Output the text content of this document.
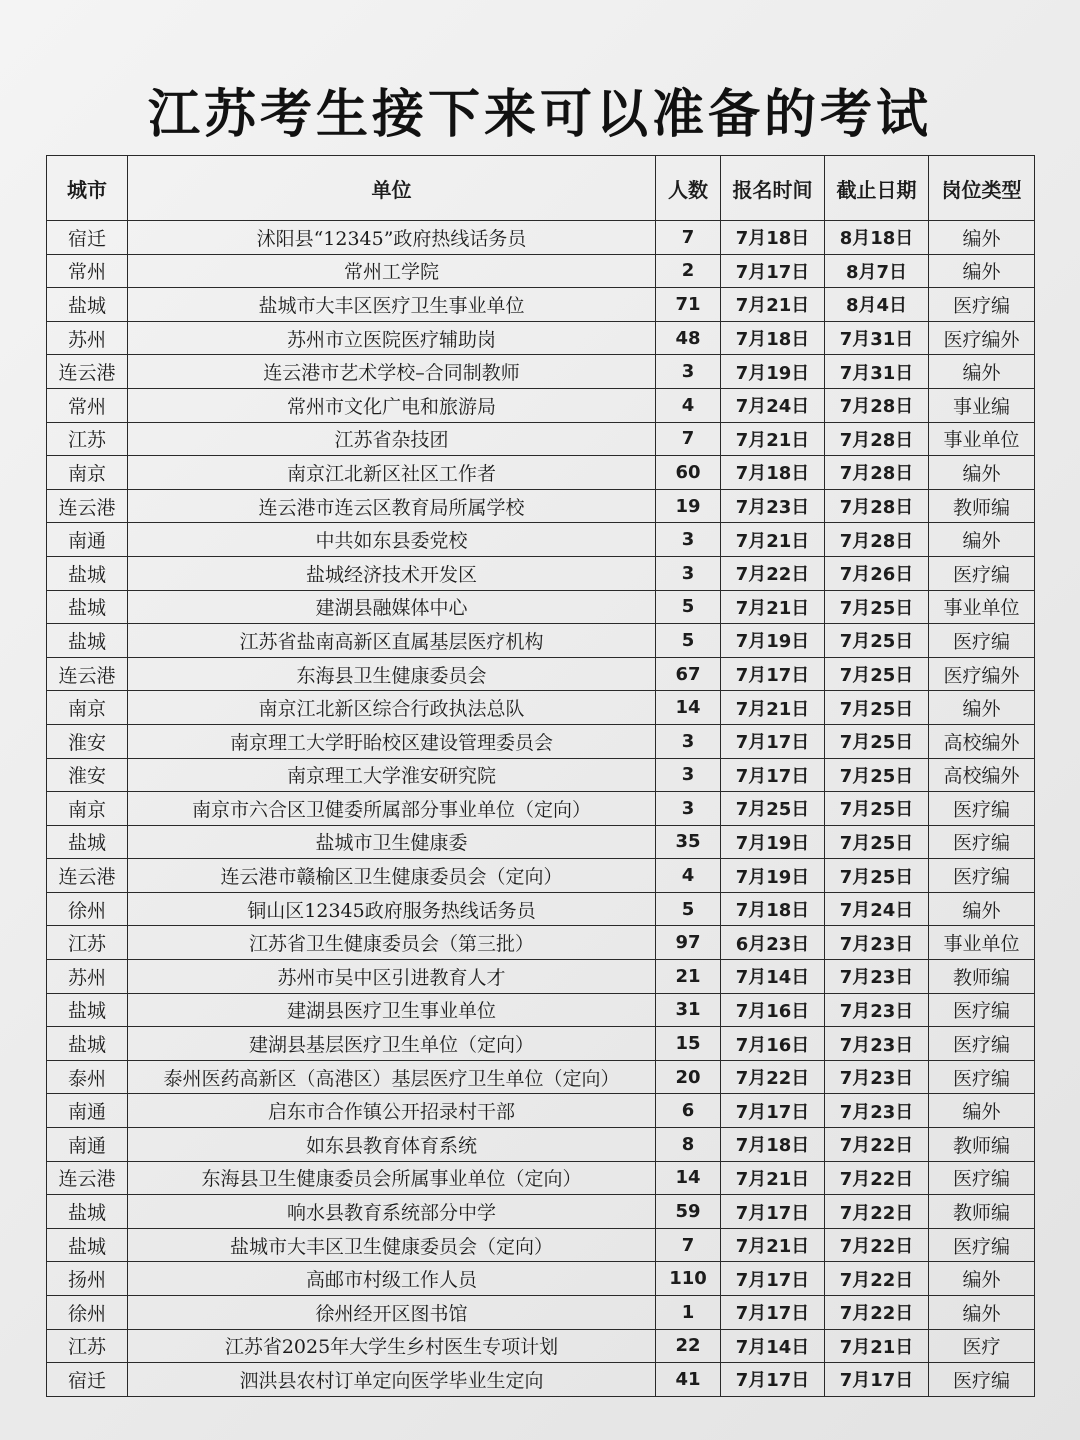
江苏考生接下来可以准备的考试
城市	单位	人数	报名时间	截止日期	岗位类型
宿迁	沭阳县“12345”政府热线话务员	7	7月18日	8月18日	编外
常州	常州工学院	2	7月17日	8月7日	编外
盐城	盐城市大丰区医疗卫生事业单位	71	7月21日	8月4日	医疗编
苏州	苏州市立医院医疗辅助岗	48	7月18日	7月31日	医疗编外
连云港	连云港市艺术学校–合同制教师	3	7月19日	7月31日	编外
常州	常州市文化广电和旅游局	4	7月24日	7月28日	事业编
江苏	江苏省杂技团	7	7月21日	7月28日	事业单位
南京	南京江北新区社区工作者	60	7月18日	7月28日	编外
连云港	连云港市连云区教育局所属学校	19	7月23日	7月28日	教师编
南通	中共如东县委党校	3	7月21日	7月28日	编外
盐城	盐城经济技术开发区	3	7月22日	7月26日	医疗编
盐城	建湖县融媒体中心	5	7月21日	7月25日	事业单位
盐城	江苏省盐南高新区直属基层医疗机构	5	7月19日	7月25日	医疗编
连云港	东海县卫生健康委员会	67	7月17日	7月25日	医疗编外
南京	南京江北新区综合行政执法总队	14	7月21日	7月25日	编外
淮安	南京理工大学盱眙校区建设管理委员会	3	7月17日	7月25日	高校编外
淮安	南京理工大学淮安研究院	3	7月17日	7月25日	高校编外
南京	南京市六合区卫健委所属部分事业单位（定向）	3	7月25日	7月25日	医疗编
盐城	盐城市卫生健康委	35	7月19日	7月25日	医疗编
连云港	连云港市赣榆区卫生健康委员会（定向）	4	7月19日	7月25日	医疗编
徐州	铜山区12345政府服务热线话务员	5	7月18日	7月24日	编外
江苏	江苏省卫生健康委员会（第三批）	97	6月23日	7月23日	事业单位
苏州	苏州市吴中区引进教育人才	21	7月14日	7月23日	教师编
盐城	建湖县医疗卫生事业单位	31	7月16日	7月23日	医疗编
盐城	建湖县基层医疗卫生单位（定向）	15	7月16日	7月23日	医疗编
泰州	泰州医药高新区（高港区）基层医疗卫生单位（定向）	20	7月22日	7月23日	医疗编
南通	启东市合作镇公开招录村干部	6	7月17日	7月23日	编外
南通	如东县教育体育系统	8	7月18日	7月22日	教师编
连云港	东海县卫生健康委员会所属事业单位（定向）	14	7月21日	7月22日	医疗编
盐城	响水县教育系统部分中学	59	7月17日	7月22日	教师编
盐城	盐城市大丰区卫生健康委员会（定向）	7	7月21日	7月22日	医疗编
扬州	高邮市村级工作人员	110	7月17日	7月22日	编外
徐州	徐州经开区图书馆	1	7月17日	7月22日	编外
江苏	江苏省2025年大学生乡村医生专项计划	22	7月14日	7月21日	医疗
宿迁	泗洪县农村订单定向医学毕业生定向	41	7月17日	7月17日	医疗编
